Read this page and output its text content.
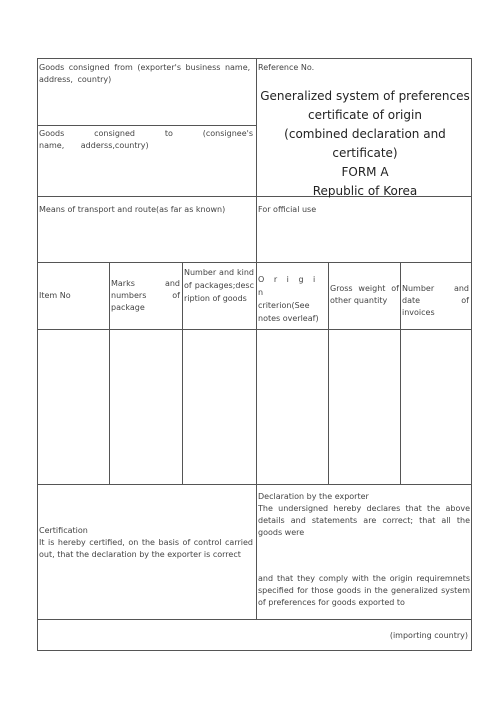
Goods consigned from (exporter's business name, address, country)
Goods consigned to (consignee's name, adderss,country)
Reference No.
Generalized system of preferences
certificate of origin
(combined declaration and
certificate)
FORM A
Republic of Korea
Means of transport and route(as far as known)	For official use
Item No
Marks and numbers of package
Number and kind of packages;description of goods
O r i g i n
criterion(See notes overleaf)
Gross weight of other quantity
Number and date of invoices
Certification
It is hereby certified, on the basis of control carried out, that the declaration by the exporter is correct
Declaration by the exporter
The undersigned hereby declares that the above details and statements are correct; that all the goods were
and that they comply with the origin requiremnets specified for those goods in the generalized system of preferences for goods exported to
(importing country)
